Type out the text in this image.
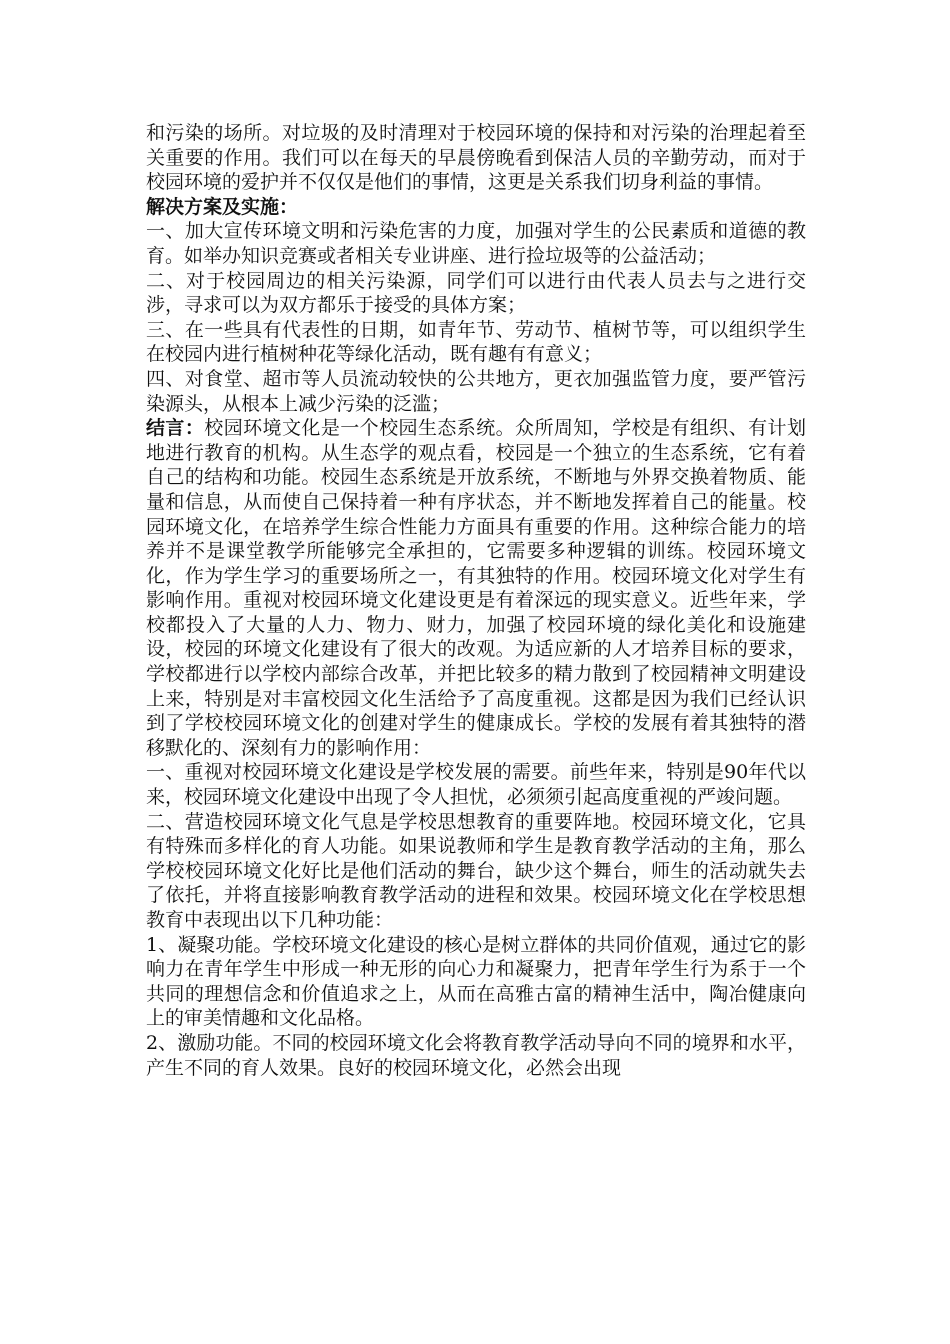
和污染的场所。对垃圾的及时清理对于校园环境的保持和对污染的治理起着至关重要的作用。我们可以在每天的早晨傍晚看到保洁人员的辛勤劳动，而对于校园环境的爱护并不仅仅是他们的事情，这更是关系我们切身利益的事情。

解决方案及实施：

一、加大宣传环境文明和污染危害的力度，加强对学生的公民素质和道德的教育。如举办知识竞赛或者相关专业讲座、进行捡垃圾等的公益活动；

二、对于校园周边的相关污染源，同学们可以进行由代表人员去与之进行交涉，寻求可以为双方都乐于接受的具体方案；

三、在一些具有代表性的日期，如青年节、劳动节、植树节等，可以组织学生在校园内进行植树种花等绿化活动，既有趣有有意义；

四、对食堂、超市等人员流动较快的公共地方，更衣加强监管力度，要严管污染源头，从根本上减少污染的泛滥；

结言：校园环境文化是一个校园生态系统。众所周知，学校是有组织、有计划地进行教育的机构。从生态学的观点看，校园是一个独立的生态系统，它有着自己的结构和功能。校园生态系统是开放系统，不断地与外界交换着物质、能量和信息，从而使自己保持着一种有序状态，并不断地发挥着自己的能量。校园环境文化，在培养学生综合性能力方面具有重要的作用。这种综合能力的培养并不是课堂教学所能够完全承担的，它需要多种逻辑的训练。校园环境文化，作为学生学习的重要场所之一，有其独特的作用。校园环境文化对学生有影响作用。重视对校园环境文化建设更是有着深远的现实意义。近些年来，学校都投入了大量的人力、物力、财力，加强了校园环境的绿化美化和设施建设，校园的环境文化建设有了很大的改观。为适应新的人才培养目标的要求，学校都进行以学校内部综合改革，并把比较多的精力散到了校园精神文明建设上来，特别是对丰富校园文化生活给予了高度重视。这都是因为我们已经认识到了学校校园环境文化的创建对学生的健康成长。学校的发展有着其独特的潜移默化的、深刻有力的影响作用：

一、重视对校园环境文化建设是学校发展的需要。前些年来，特别是90年代以来，校园环境文化建设中出现了令人担忧，必须须引起高度重视的严竣问题。

二、营造校园环境文化气息是学校思想教育的重要阵地。校园环境文化，它具有特殊而多样化的育人功能。如果说教师和学生是教育教学活动的主角，那么学校校园环境文化好比是他们活动的舞台，缺少这个舞台，师生的活动就失去了依托，并将直接影响教育教学活动的进程和效果。校园环境文化在学校思想教育中表现出以下几种功能：

1、凝聚功能。学校环境文化建设的核心是树立群体的共同价值观，通过它的影响力在青年学生中形成一种无形的向心力和凝聚力，把青年学生行为系于一个共同的理想信念和价值追求之上，从而在高雅古富的精神生活中，陶冶健康向上的审美情趣和文化品格。

2、激励功能。不同的校园环境文化会将教育教学活动导向不同的境界和水平，产生不同的育人效果。良好的校园环境文化，必然会出现
